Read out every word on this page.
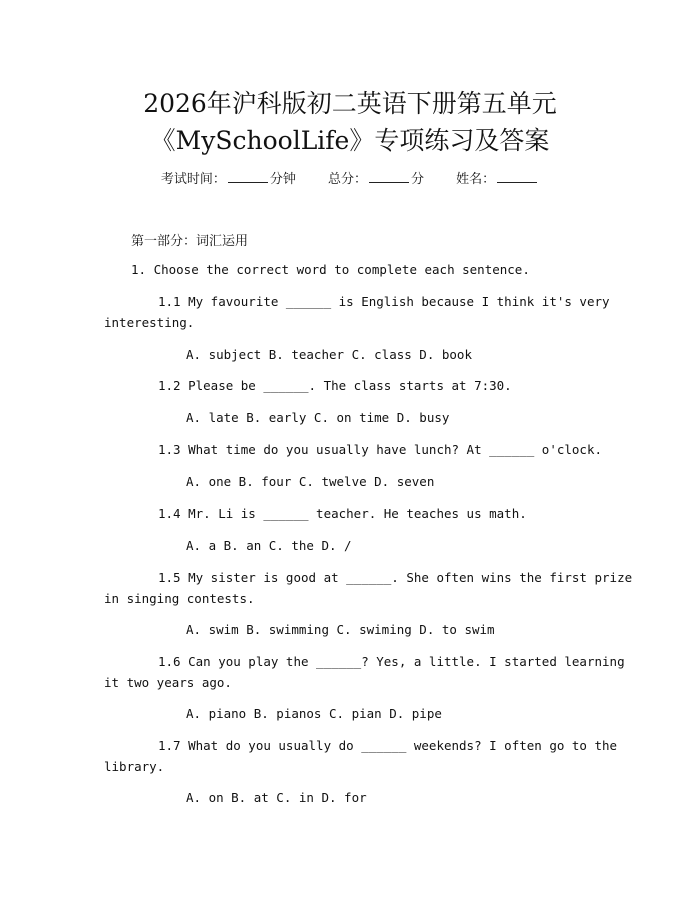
2026年沪科版初二英语下册第五单元
《MySchoolLife》专项练习及答案
考试时间：	分钟 总分：	分 姓名：
第一部分：词汇运用
1. Choose the correct word to complete each sentence.
1.1 My favourite ______ is English because I think it's very
interesting.
A. subject B. teacher C. class D. book
1.2 Please be ______. The class starts at 7:30.
A. late B. early C. on time D. busy
1.3 What time do you usually have lunch? At ______ o'clock.
A. one B. four C. twelve D. seven
1.4 Mr. Li is ______ teacher. He teaches us math.
A. a B. an C. the D. /
1.5 My sister is good at ______. She often wins the first prize
in singing contests.
A. swim B. swimming C. swiming D. to swim
1.6 Can you play the ______? Yes, a little. I started learning
it two years ago.
A. piano B. pianos C. pian D. pipe
1.7 What do you usually do ______ weekends? I often go to the
library.
A. on B. at C. in D. for
